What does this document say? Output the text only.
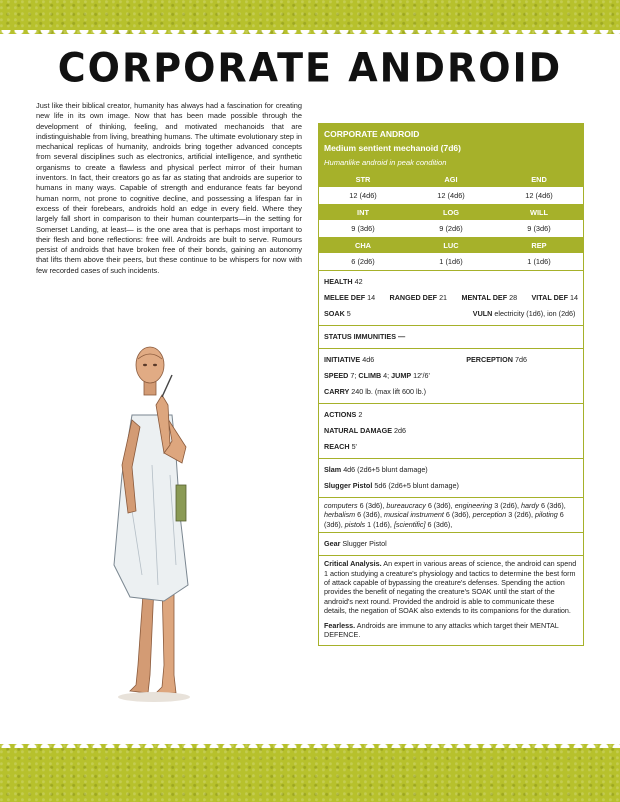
CORPORATE ANDROID

Just like their biblical creator, humanity has always had a fascination for creating new life in its own image. Now that has been made possible through the development of thinking, feeling, and motivated mechanoids that are indistinguishable from living, breathing humans. The ultimate evolutionary step in mechanical replicas of humanity, androids bring together advanced concepts from several disciplines such as electronics, artificial intelligence, and synthetic organisms to create a flawless and physical perfect mirror of their human inventors. In fact, their creators go as far as stating that androids are superior to humans in many ways. Capable of strength and endurance feats far beyond human norm, not prone to cognitive decline, and possessing a lifespan far in excess of their forebears, androids hold an edge in every field. Where they largely fall short in comparison to their human counterparts—in the setting for Somerset Landing, at least— is the one area that is perhaps most important to their flesh and bone reflections: free will. Androids are built to serve. Rumours persist of androids that have broken free of their bonds, gaining an autonomy that lifts them above their peers, but these continue to be whispers for now with few recorded cases of such incidents.

CORPORATE ANDROID
Medium sentient mechanoid (7d6)
Humanlike android in peak condition
STR	AGI	END
12 (4d6)	12 (4d6)	12 (4d6)
INT	LOG	WILL
9 (3d6)	9 (2d6)	9 (3d6)
CHA	LUC	REP
6 (2d6)	1 (1d6)	1 (1d6)
HEALTH 42
MELEE DEF 14 RANGED DEF 21 MENTAL DEF 28 VITAL DEF 14
SOAK 5	VULN electricity (1d6), ion (2d6)
STATUS IMMUNITIES —
INITIATIVE 4d6	PERCEPTION 7d6
SPEED 7; CLIMB 4; JUMP 12'/6'
CARRY 240 lb. (max lift 600 lb.)
ACTIONS 2
NATURAL DAMAGE 2d6
REACH 5'
Slam 4d6 (2d6+5 blunt damage)
Slugger Pistol 5d6 (2d6+5 blunt damage)
computers 6 (3d6), bureaucracy 6 (3d6), engineering 3 (2d6), hardy 6 (3d6), herbalism 6 (3d6), musical instrument 6 (3d6), perception 3 (2d6), piloting 6 (3d6), pistols 1 (1d6), [scientific] 6 (3d6),
Gear Slugger Pistol
Critical Analysis. An expert in various areas of science, the android can spend 1 action studying a creature's physiology and tactics to determine the best form of attack capable of bypassing the creature's defenses. Spending the action provides the benefit of negating the creature's SOAK until the start of the android's next round. Provided the android is able to communicate these details, the negation of SOAK also extends to its companions for the duration.
Fearless. Androids are immune to any attacks which target their MENTAL DEFENCE.
